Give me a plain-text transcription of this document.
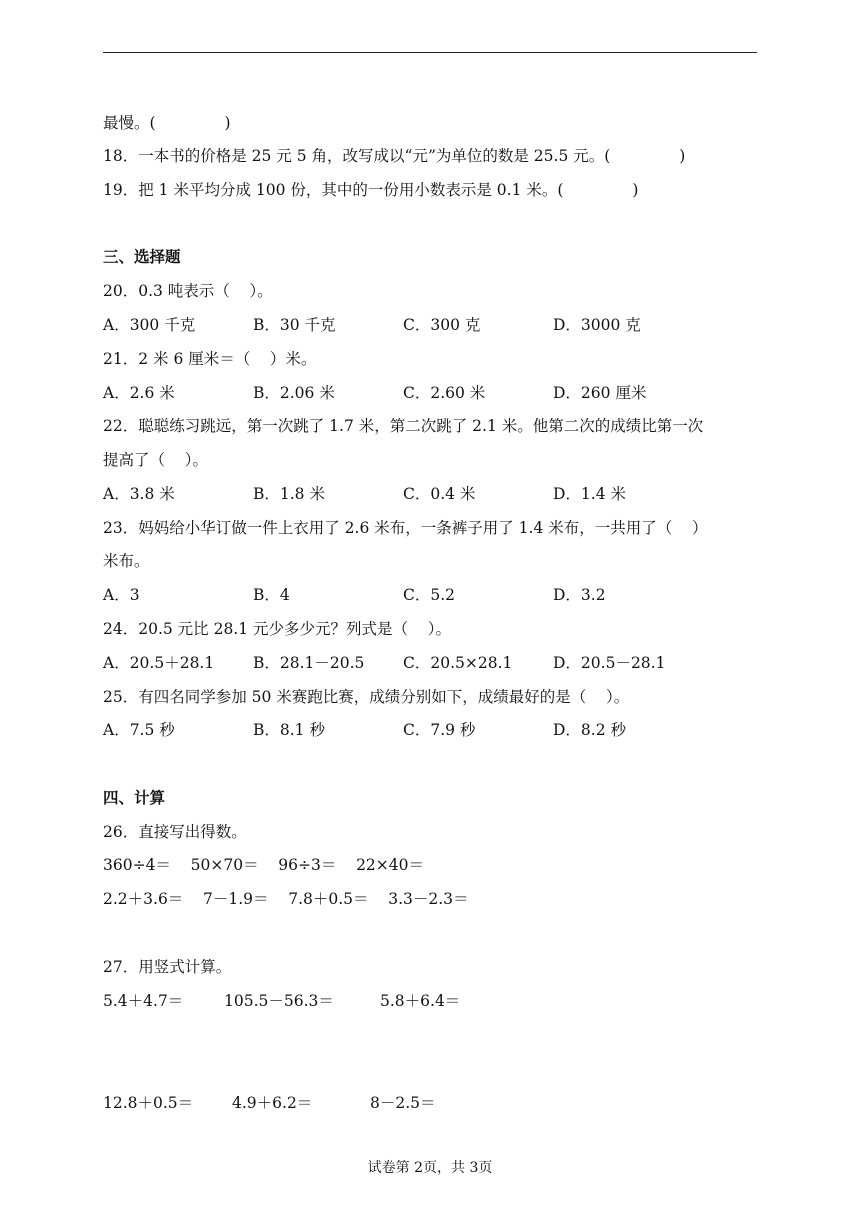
最慢。(              )
18．一本书的价格是 25 元 5 角，改写成以“元”为单位的数是 25.5 元。(              )
19．把 1 米平均分成 100 份，其中的一份用小数表示是 0.1 米。(              )
三、选择题
20．0.3 吨表示（    ）。
A．300 千克	B．30 千克	C．300 克	D．3000 克
21．2 米 6 厘米＝（    ）米。
A．2.6 米	B．2.06 米	C．2.60 米	D．260 厘米
22．聪聪练习跳远，第一次跳了 1.7 米，第二次跳了 2.1 米。他第二次的成绩比第一次
提高了（    ）。
A．3.8 米	B．1.8 米	C．0.4 米	D．1.4 米
23．妈妈给小华订做一件上衣用了 2.6 米布，一条裤子用了 1.4 米布，一共用了（    ）
米布。
A．3	B．4	C．5.2	D．3.2
24．20.5 元比 28.1 元少多少元？列式是（    ）。
A．20.5＋28.1	B．28.1－20.5 C．20.5×28.1	D．20.5－28.1
25．有四名同学参加 50 米赛跑比赛，成绩分别如下，成绩最好的是（    ）。
A．7.5 秒	B．8.1 秒	C．7.9 秒	D．8.2 秒
四、计算
26．直接写出得数。
360÷4＝    50×70＝    96÷3＝    22×40＝
2.2＋3.6＝    7－1.9＝    7.8＋0.5＝    3.3－2.3＝
27．用竖式计算。
5.4＋4.7＝	105.5－56.3＝	5.8＋6.4＝
12.8＋0.5＝	4.9＋6.2＝	8－2.5＝
试卷第 2页，共 3页
